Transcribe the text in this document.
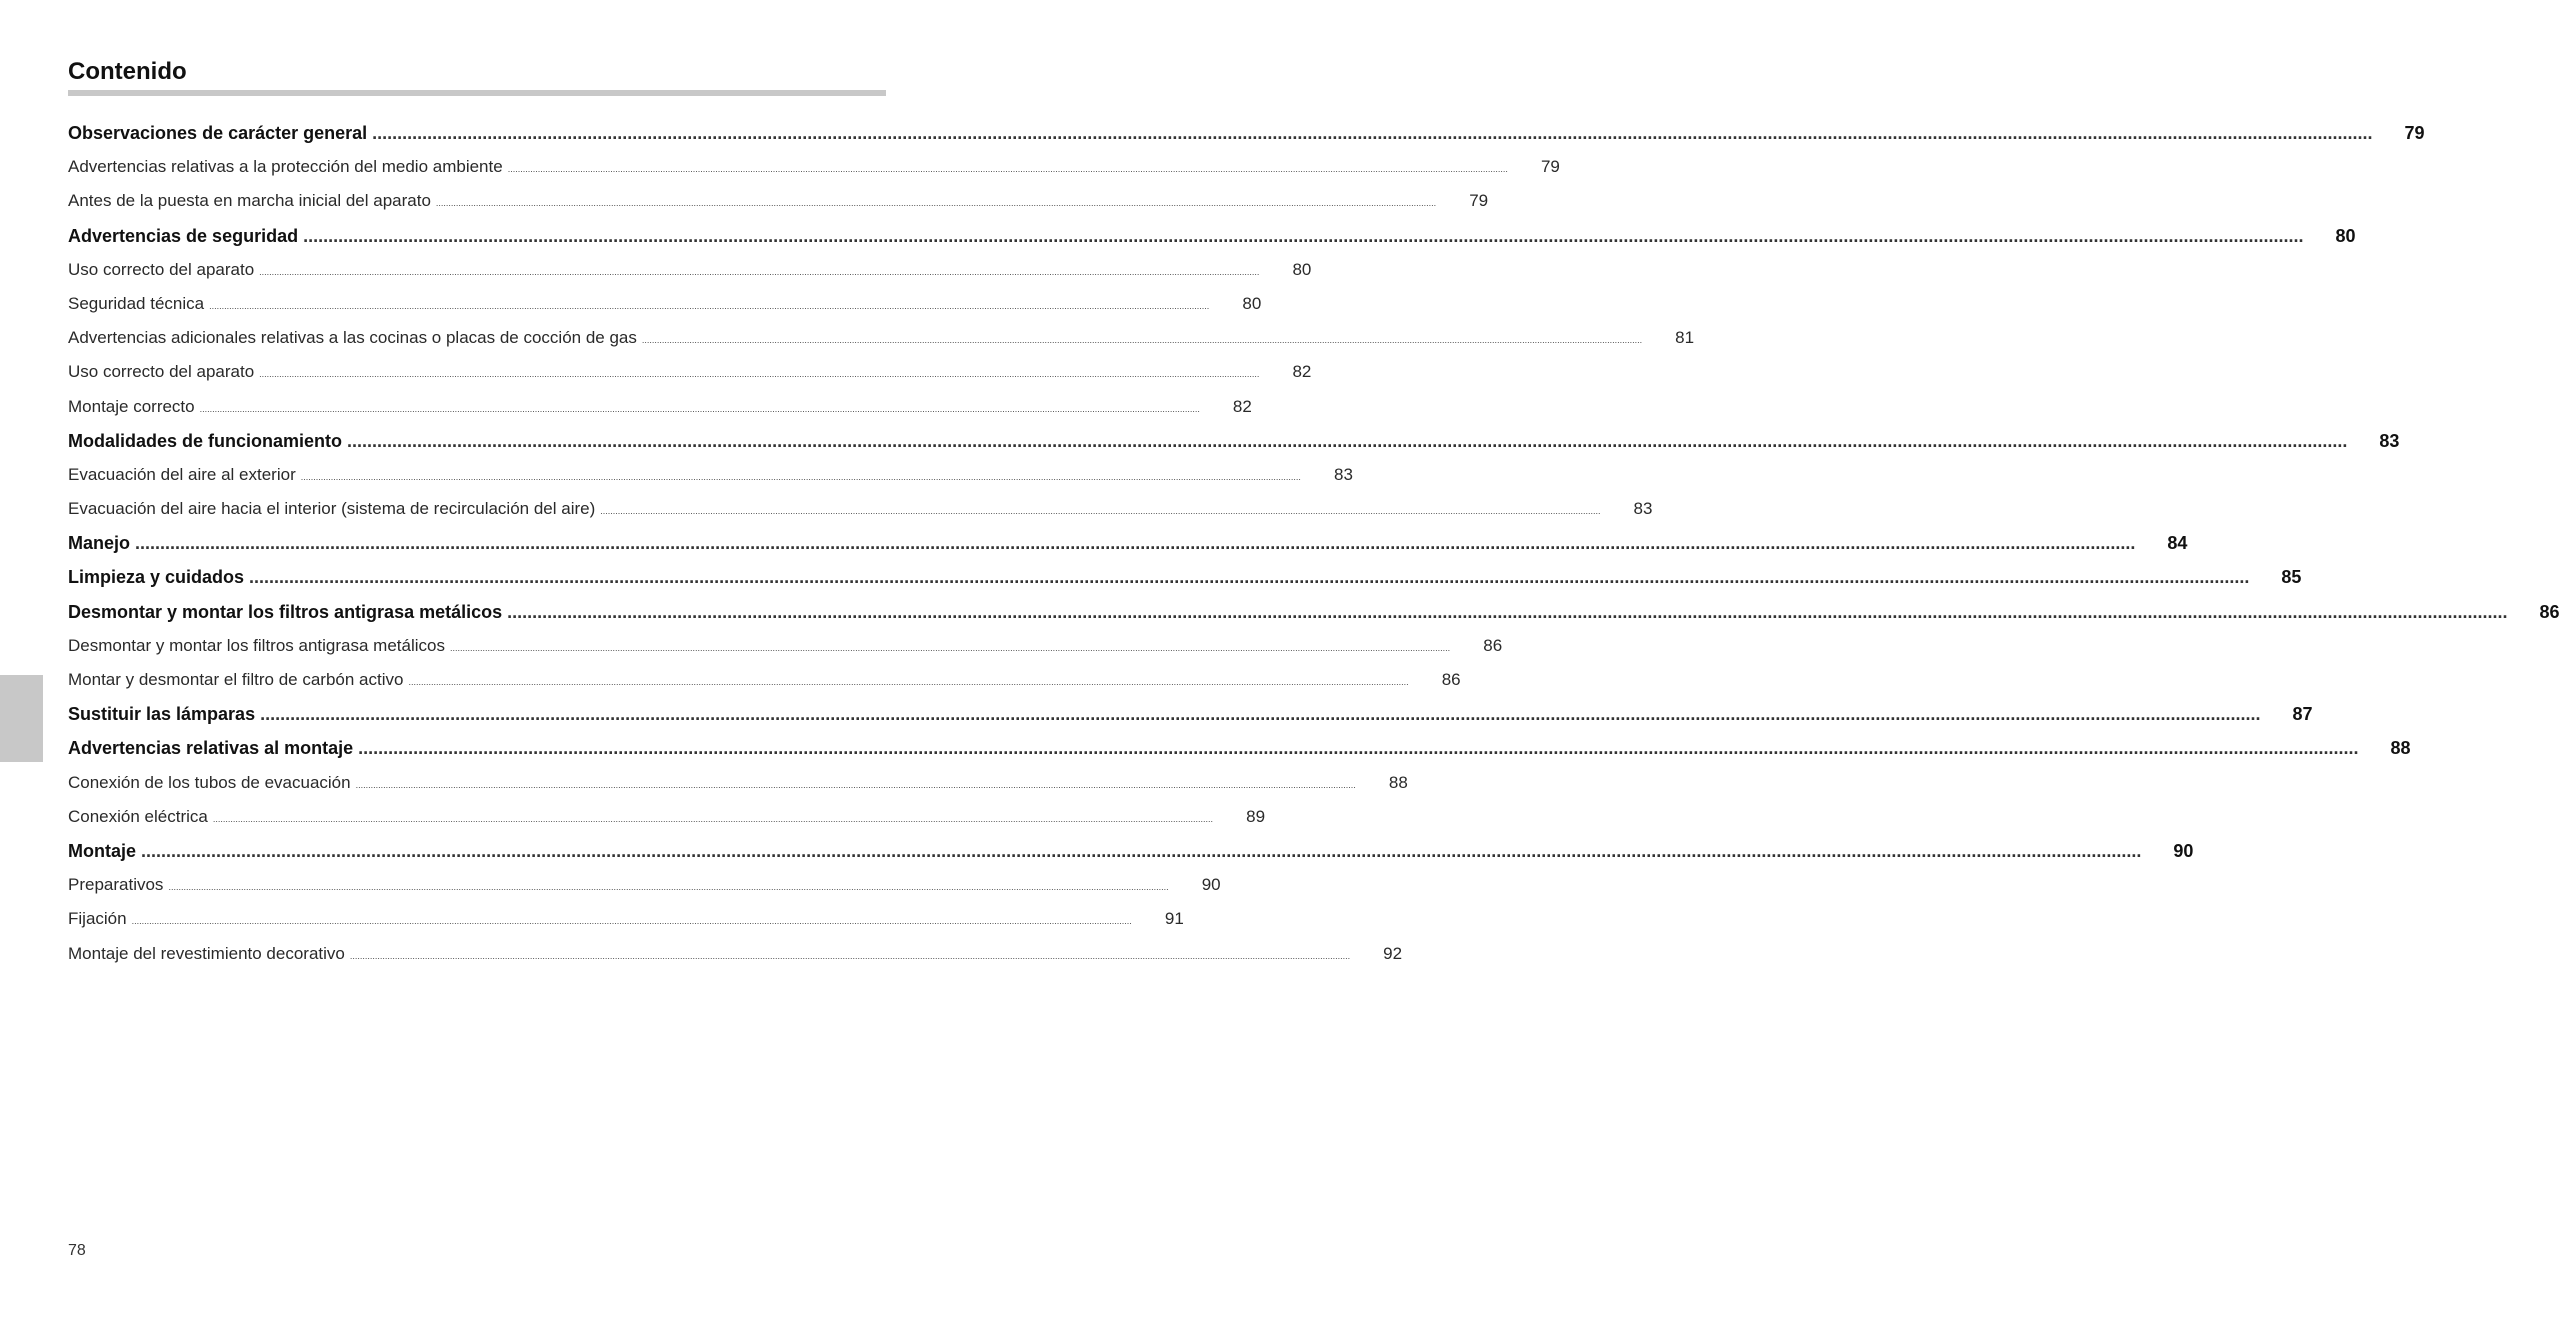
Contenido
Observaciones de carácter general ................................................................................................................................................................................................................................................................................................................................................................................................................	79
Advertencias relativas a la protección del medio ambiente ................................................................................................................................................................................................................................................................................................................................................................................................................	79
Antes de la puesta en marcha inicial del aparato ................................................................................................................................................................................................................................................................................................................................................................................................................	79
Advertencias de seguridad ................................................................................................................................................................................................................................................................................................................................................................................................................	80
Uso correcto del aparato ................................................................................................................................................................................................................................................................................................................................................................................................................	80
Seguridad técnica ................................................................................................................................................................................................................................................................................................................................................................................................................	80
Advertencias adicionales relativas a las cocinas o placas de cocción de gas ................................................................................................................................................................................................................................................................................................................................................................................................................	81
Uso correcto del aparato ................................................................................................................................................................................................................................................................................................................................................................................................................	82
Montaje correcto ................................................................................................................................................................................................................................................................................................................................................................................................................	82
Modalidades de funcionamiento ................................................................................................................................................................................................................................................................................................................................................................................................................	83
Evacuación del aire al exterior ................................................................................................................................................................................................................................................................................................................................................................................................................	83
Evacuación del aire hacia el interior (sistema de recirculación del aire) ................................................................................................................................................................................................................................................................................................................................................................................................................	83
Manejo ................................................................................................................................................................................................................................................................................................................................................................................................................	84
Limpieza y cuidados ................................................................................................................................................................................................................................................................................................................................................................................................................	85
Desmontar y montar los filtros antigrasa metálicos ................................................................................................................................................................................................................................................................................................................................................................................................................	86
Desmontar y montar los filtros antigrasa metálicos ................................................................................................................................................................................................................................................................................................................................................................................................................	86
Montar y desmontar el filtro de carbón activo ................................................................................................................................................................................................................................................................................................................................................................................................................	86
Sustituir las lámparas ................................................................................................................................................................................................................................................................................................................................................................................................................	87
Advertencias relativas al montaje ................................................................................................................................................................................................................................................................................................................................................................................................................	88
Conexión de los tubos de evacuación ................................................................................................................................................................................................................................................................................................................................................................................................................	88
Conexión eléctrica ................................................................................................................................................................................................................................................................................................................................................................................................................	89
Montaje ................................................................................................................................................................................................................................................................................................................................................................................................................	90
Preparativos ................................................................................................................................................................................................................................................................................................................................................................................................................	90
Fijación ................................................................................................................................................................................................................................................................................................................................................................................................................	91
Montaje del revestimiento decorativo ................................................................................................................................................................................................................................................................................................................................................................................................................	92
78
